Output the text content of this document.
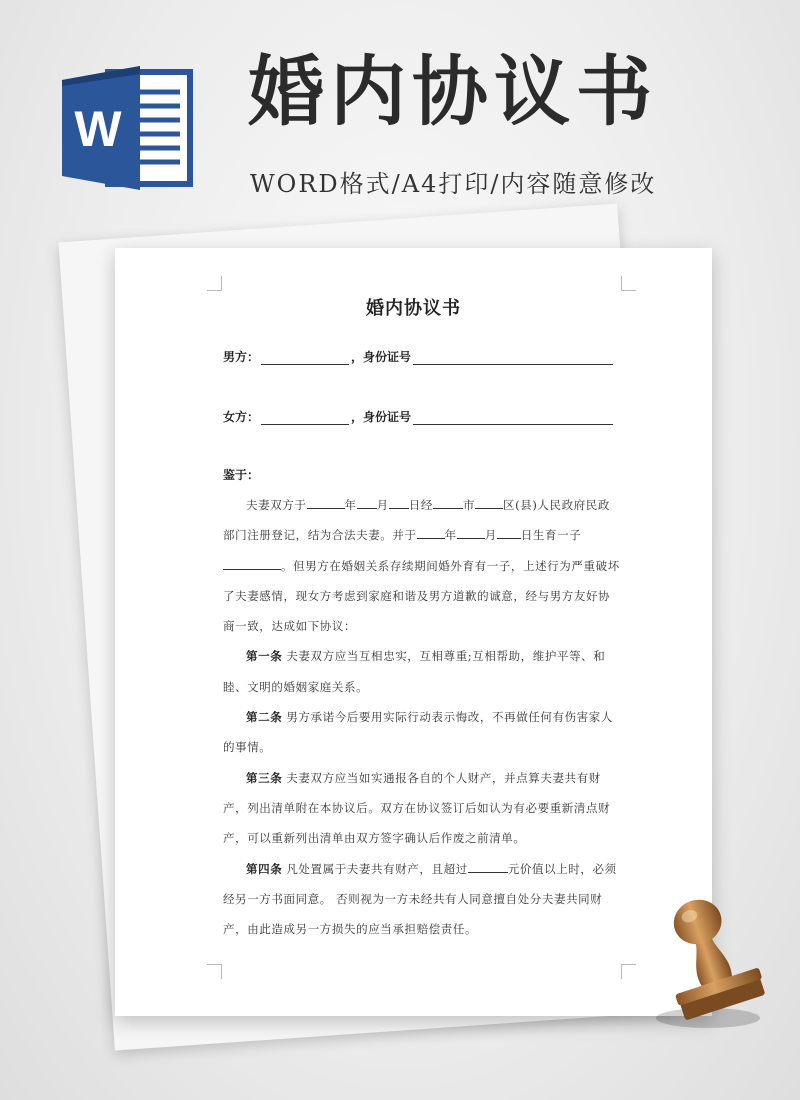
W 婚内协议书

WORD格式/A4打印/内容随意修改

婚内协议书
男方：	，身份证号
女方：	，身份证号
鉴于：

夫妻双方于	年 月 日经	市 区(县)人民政府民政部门注册登记，结为合法夫妻。并于 年 月 日生育一子。但男方在婚姻关系存续期间婚外育有一子，上述行为严重破坏了夫妻感情，现女方考虑到家庭和谐及男方道歉的诚意，经与男方友好协商一致，达成如下协议：

第一条 夫妻双方应当互相忠实，互相尊重;互相帮助，维护平等、和睦、文明的婚姻家庭关系。

第二条 男方承诺今后要用实际行动表示悔改，不再做任何有伤害家人的事情。

第三条 夫妻双方应当如实通报各自的个人财产，并点算夫妻共有财产，列出清单附在本协议后。双方在协议签订后如认为有必要重新清点财产，可以重新列出清单由双方签字确认后作废之前清单。

第四条 凡处置属于夫妻共有财产，且超过	元价值以上时，必须经另一方书面同意。 否则视为一方未经共有人同意擅自处分夫妻共同财产，由此造成另一方损失的应当承担赔偿责任。
